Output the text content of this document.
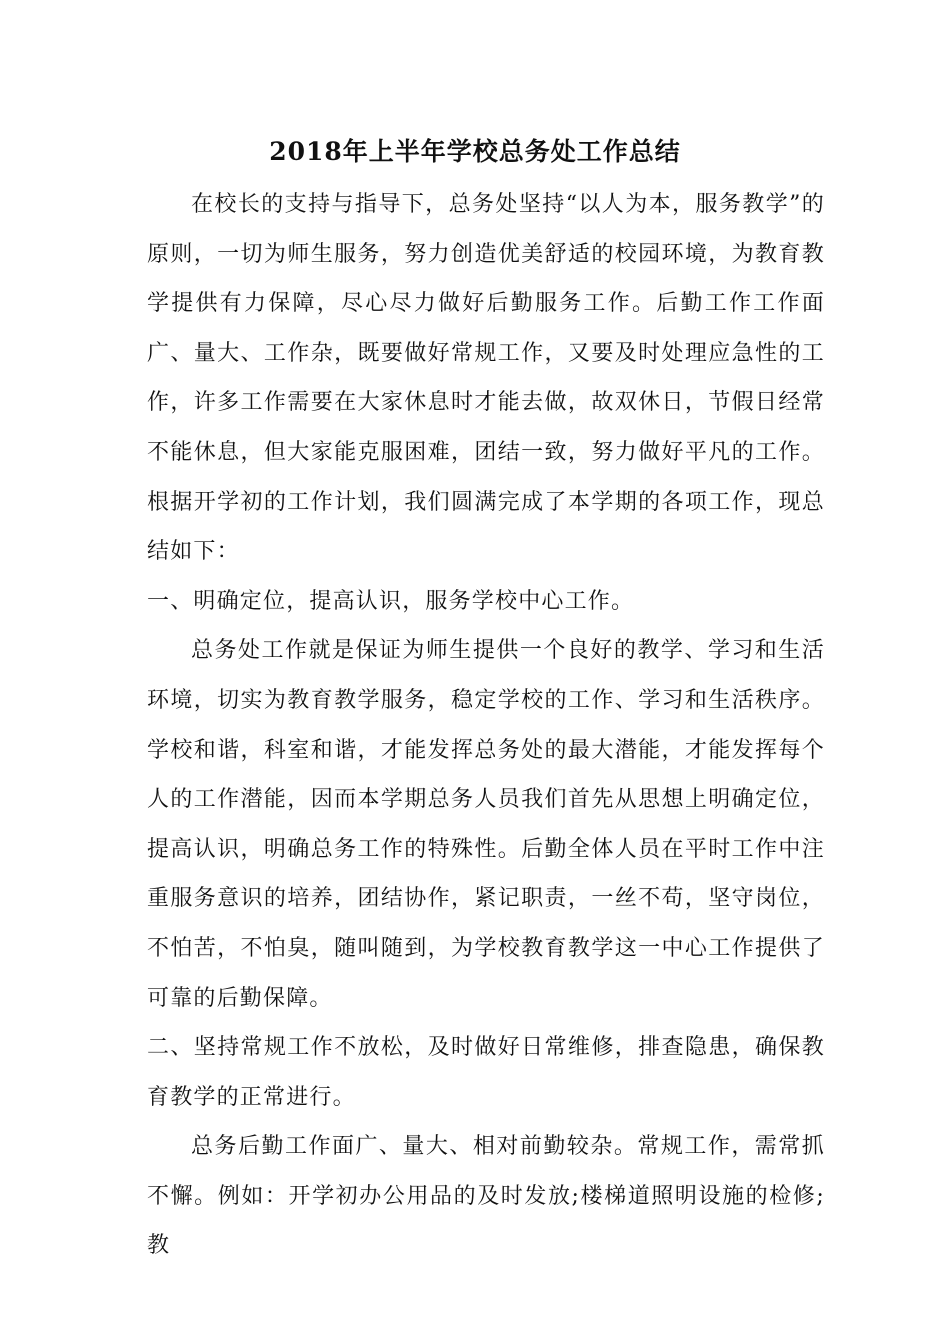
2018年上半年学校总务处工作总结

在校长的支持与指导下，总务处坚持“以人为本，服务教学”的原则，一切为师生服务，努力创造优美舒适的校园环境，为教育教学提供有力保障，尽心尽力做好后勤服务工作。后勤工作工作面广、量大、工作杂，既要做好常规工作，又要及时处理应急性的工作，许多工作需要在大家休息时才能去做，故双休日，节假日经常不能休息，但大家能克服困难，团结一致，努力做好平凡的工作。根据开学初的工作计划，我们圆满完成了本学期的各项工作，现总结如下：

一、明确定位，提高认识，服务学校中心工作。

总务处工作就是保证为师生提供一个良好的教学、学习和生活环境，切实为教育教学服务，稳定学校的工作、学习和生活秩序。学校和谐，科室和谐，才能发挥总务处的最大潜能，才能发挥每个人的工作潜能，因而本学期总务人员我们首先从思想上明确定位，提高认识，明确总务工作的特殊性。后勤全体人员在平时工作中注重服务意识的培养，团结协作，紧记职责，一丝不苟，坚守岗位，不怕苦，不怕臭，随叫随到，为学校教育教学这一中心工作提供了可靠的后勤保障。

二、坚持常规工作不放松，及时做好日常维修，排查隐患，确保教育教学的正常进行。

总务后勤工作面广、量大、相对前勤较杂。常规工作，需常抓不懈。例如：开学初办公用品的及时发放;楼梯道照明设施的检修;教
